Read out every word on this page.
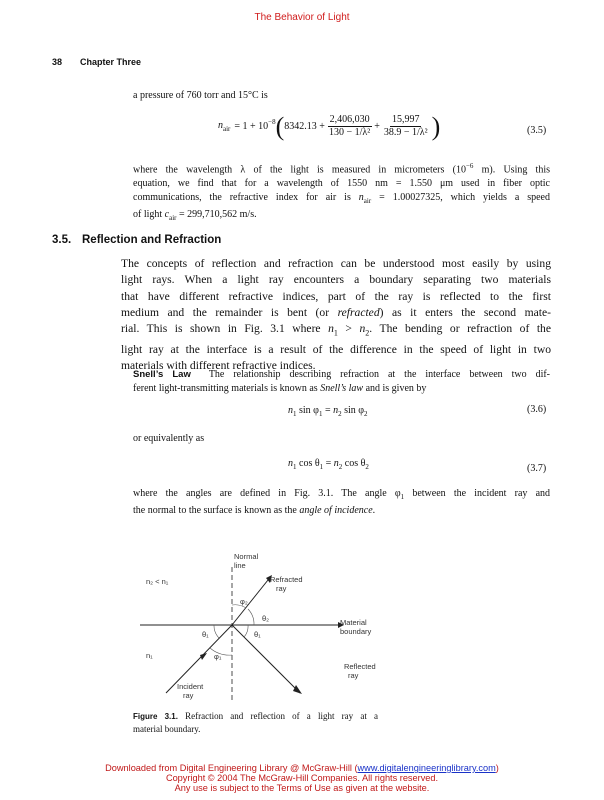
The Behavior of Light
38 Chapter Three
a pressure of 760 torr and 15°C is
$n_{air} = 1 + 10^{-8}$ ( $8342.13 + \frac{2,406,030}{\text{130 − 1/λ²}} + \frac{15,997}{\text{38.9 − 1/λ²}}$ )	(3.5)
where the wavelength λ of the light is measured in micrometers ($10^{-6}$ m). Using this
equation, we find that for a wavelength of 1550 nm = 1.550 μm used in fiber optic
communications, the refractive index for air is $n_{air} = 1.00027325$, which yields a speed
of light $c_{air} = 299,710,562$ m/s.
3.5. Reflection and Refraction
The concepts of reflection and refraction can be understood most easily by using
light rays. When a light ray encounters a boundary separating two materials
that have different refractive indices, part of the ray is reflected to the first
medium and the remainder is bent (or refracted) as it enters the second mate-
rial. This is shown in Fig. 3.1 where $n_1 > n_2$. The bending or refraction of the
light ray at the interface is a result of the difference in the speed of light in two
materials with different refractive indices.
Snell’s Law The relationship describing refraction at the interface between two dif-
ferent light-transmitting materials is known as Snell’s law and is given by
$n_1$ $\sin \varphi_1 = n_2$ $\sin \varphi_2$	(3.6)
or equivalently as
$n_1$ $\cos \theta_1 = n_2$ $\cos \theta_2$	(3.7)
where the angles are defined in Fig. 3.1. The angle $\varphi_1$ between the incident ray and
the normal to the surface is known as the angle of incidence.
Normal
line
n₂ < n₁	Refracted
ray
φ₂
θ₂	Material
boundary
θ₁	θ₁
n₁	φ₁
Reflected
ray
Incident
ray
Figure 3.1. Refraction and reflection of a light ray at a
material boundary.
Downloaded from Digital Engineering Library @ McGraw-Hill (www.digitalengineeringlibrary.com)
Copyright © 2004 The McGraw-Hill Companies. All rights reserved.
Any use is subject to the Terms of Use as given at the website.
